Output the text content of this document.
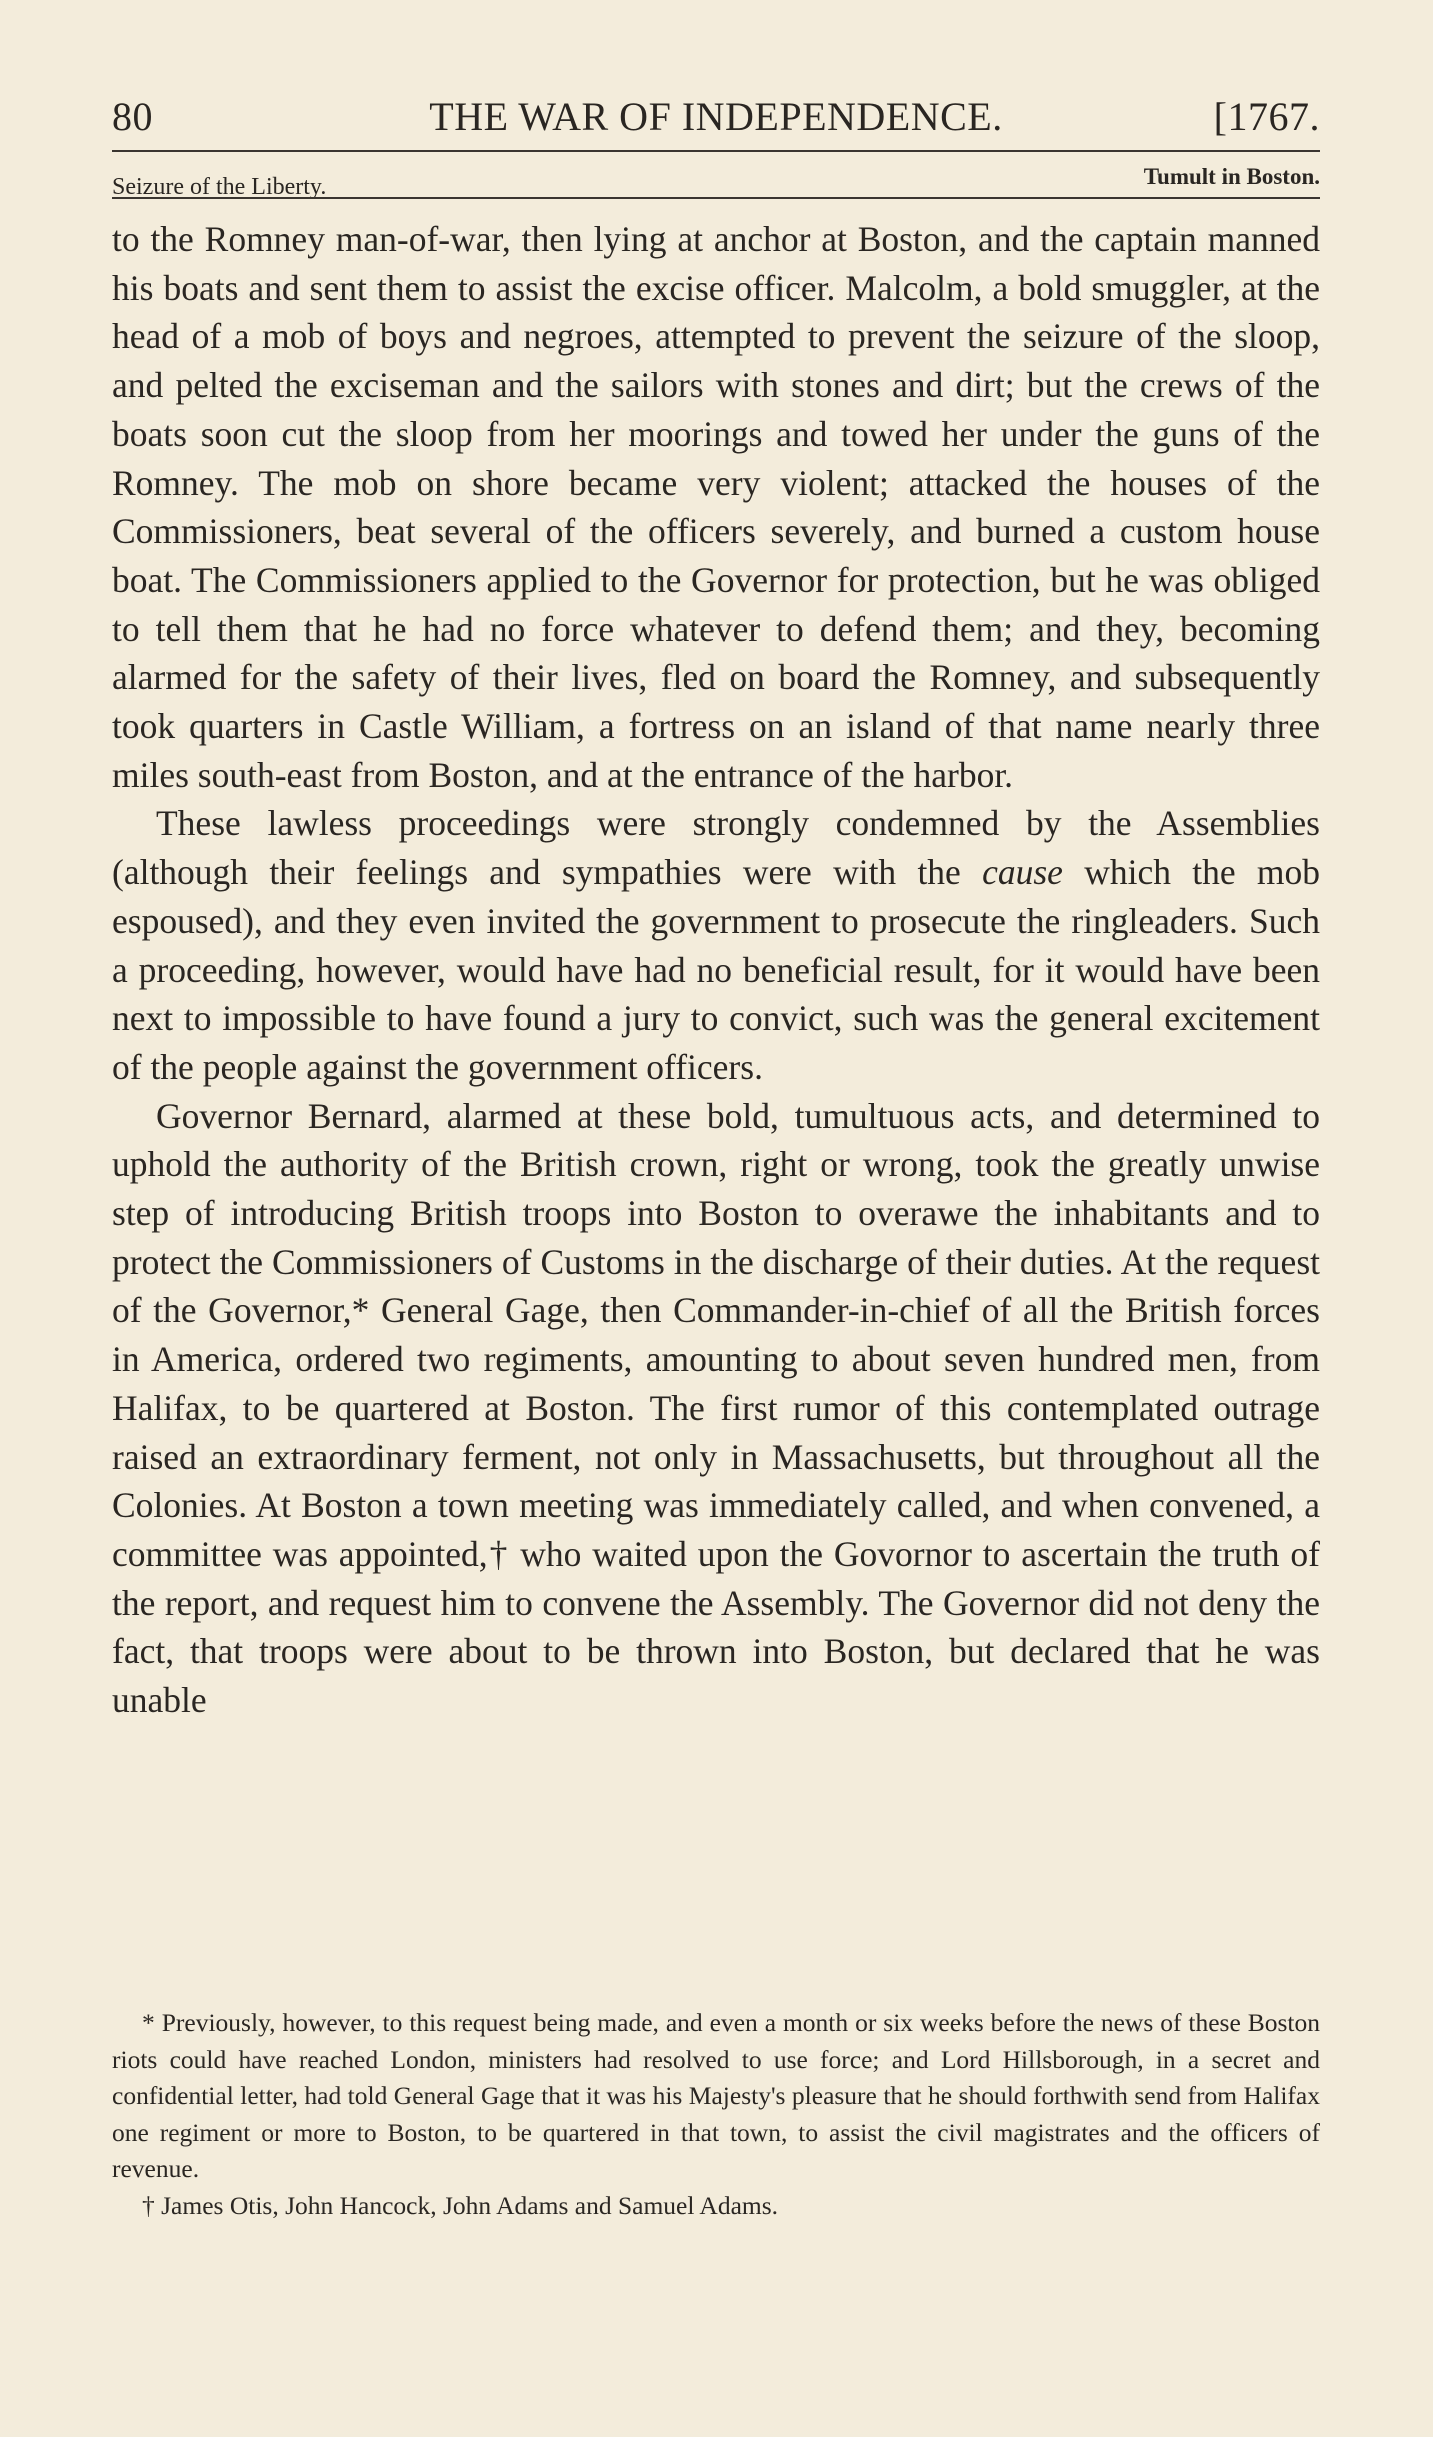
80	THE WAR OF INDEPENDENCE.	[1767.
Seizure of the Liberty.	Tumult in Boston.

to the Romney man-of-war, then lying at anchor at Boston, and the captain manned his boats and sent them to assist the excise officer. Malcolm, a bold smuggler, at the head of a mob of boys and negroes, attempted to prevent the seizure of the sloop, and pelted the exciseman and the sailors with stones and dirt; but the crews of the boats soon cut the sloop from her moorings and towed her under the guns of the Romney. The mob on shore became very violent; attacked the houses of the Commissioners, beat several of the officers severely, and burned a custom house boat. The Commissioners applied to the Governor for protection, but he was obliged to tell them that he had no force whatever to defend them; and they, becoming alarmed for the safety of their lives, fled on board the Romney, and subsequently took quarters in Castle William, a fortress on an island of that name nearly three miles south-east from Boston, and at the entrance of the harbor.

These lawless proceedings were strongly condemned by the Assemblies (although their feelings and sympathies were with the cause which the mob espoused), and they even invited the government to prosecute the ringleaders. Such a proceeding, however, would have had no beneficial result, for it would have been next to impossible to have found a jury to convict, such was the general excitement of the people against the government officers.

Governor Bernard, alarmed at these bold, tumultuous acts, and determined to uphold the authority of the British crown, right or wrong, took the greatly unwise step of introducing British troops into Boston to overawe the inhabitants and to protect the Commissioners of Customs in the discharge of their duties. At the request of the Governor,* General Gage, then Commander-in-chief of all the British forces in America, ordered two regiments, amounting to about seven hundred men, from Halifax, to be quartered at Boston. The first rumor of this contemplated outrage raised an extraordinary ferment, not only in Massachusetts, but throughout all the Colonies. At Boston a town meeting was immediately called, and when convened, a committee was appointed,† who waited upon the Govornor to ascertain the truth of the report, and request him to convene the Assembly. The Governor did not deny the fact, that troops were about to be thrown into Boston, but declared that he was unable

* Previously, however, to this request being made, and even a month or six weeks before the news of these Boston riots could have reached London, ministers had resolved to use force; and Lord Hillsborough, in a secret and confidential letter, had told General Gage that it was his Majesty's pleasure that he should forthwith send from Halifax one regiment or more to Boston, to be quartered in that town, to assist the civil magistrates and the officers of revenue.

† James Otis, John Hancock, John Adams and Samuel Adams.
